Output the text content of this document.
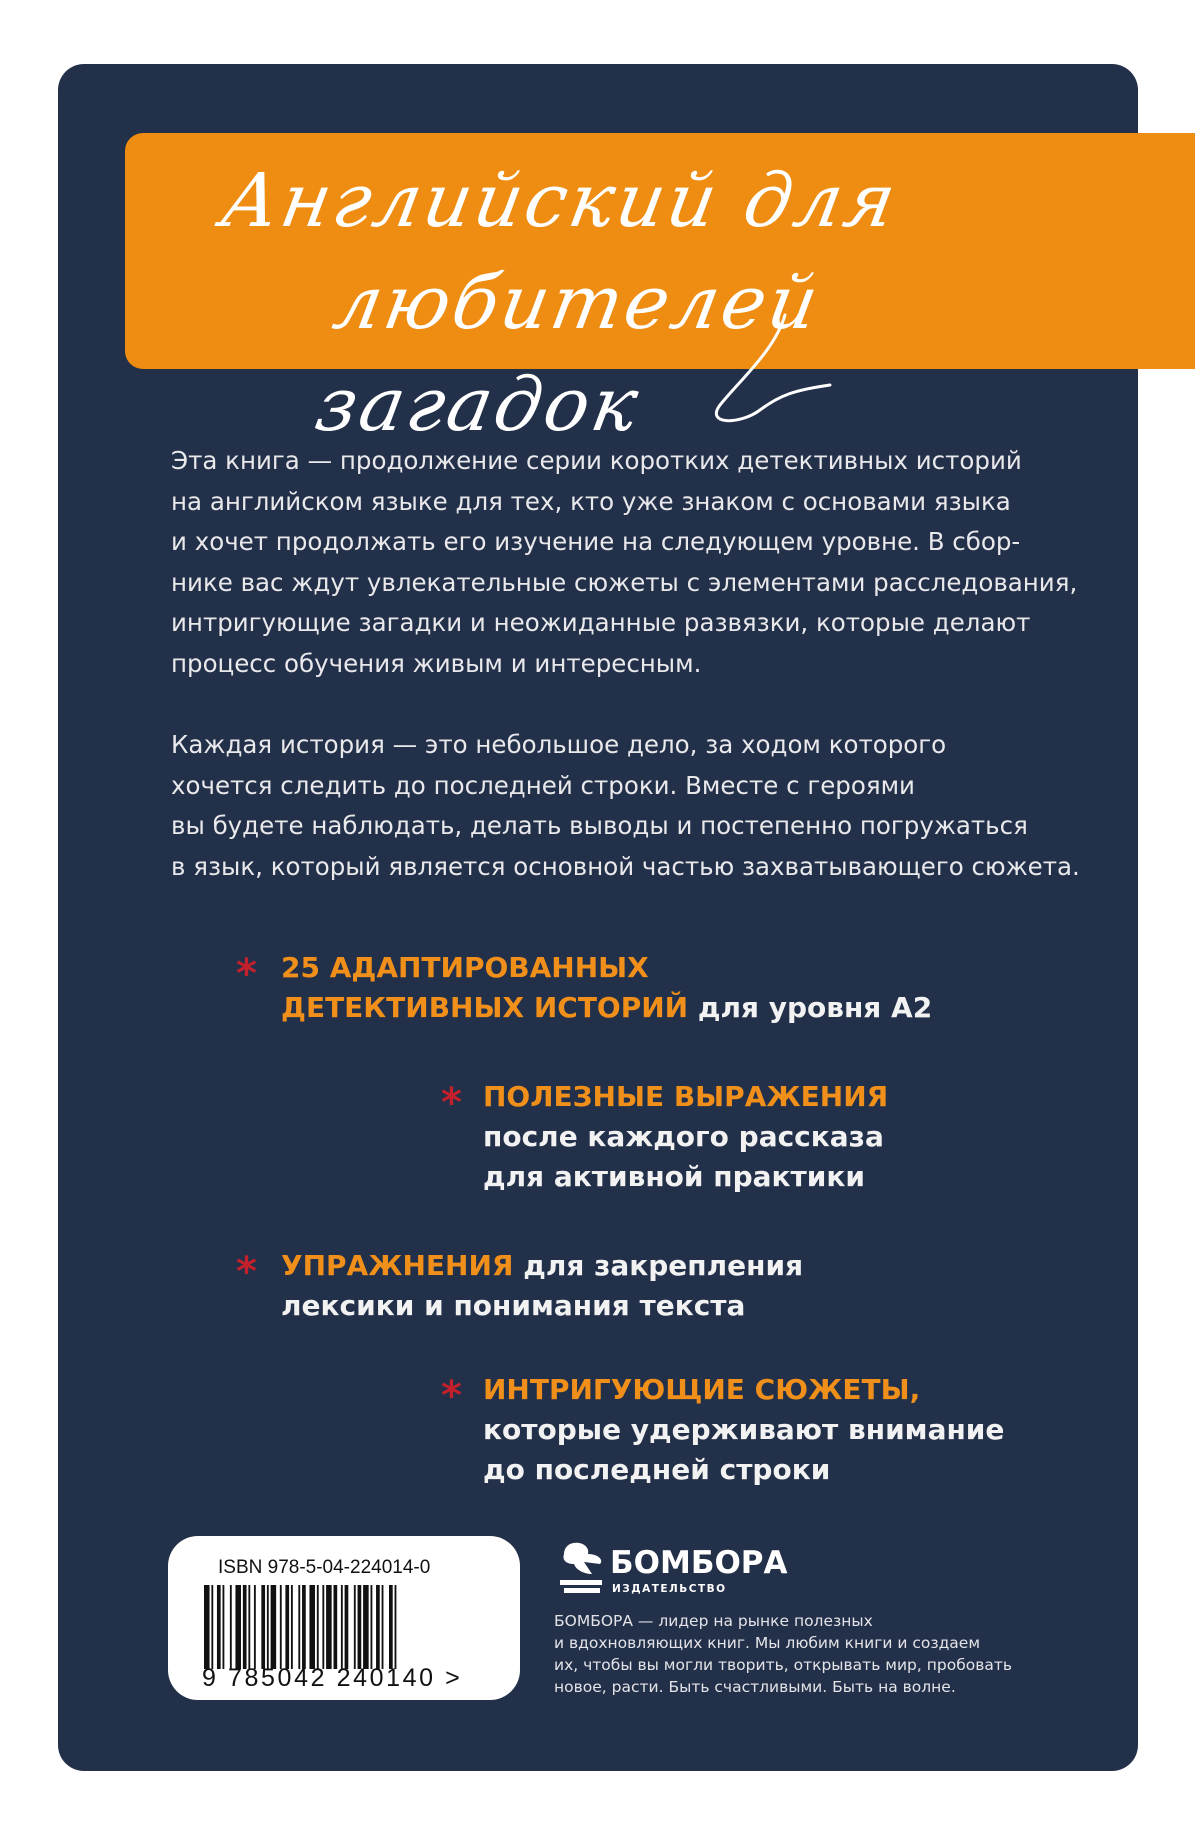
Английский для
любителей загадок
Эта книга — продолжение серии коротких детективных историй
на английском языке для тех, кто уже знаком с основами языка
и хочет продолжать его изучение на следующем уровне. В сбор-
нике вас ждут увлекательные сюжеты с элементами расследования,
интригующие загадки и неожиданные развязки, которые делают
процесс обучения живым и интересным.
Каждая история — это небольшое дело, за ходом которого
хочется следить до последней строки. Вместе с героями
вы будете наблюдать, делать выводы и постепенно погружаться
в язык, который является основной частью захватывающего сюжета.
* 25 АДАПТИРОВАННЫХ
ДЕТЕКТИВНЫХ ИСТОРИЙ для уровня А2
* ПОЛЕЗНЫЕ ВЫРАЖЕНИЯ
после каждого рассказа
для активной практики
* УПРАЖНЕНИЯ для закрепления
лексики и понимания текста
* ИНТРИГУЮЩИЕ СЮЖЕТЫ,
которые удерживают внимание
до последней строки

ISBN 978-5-04-224014-0

9 785042 240140 >

БОМБОРА

ИЗДАТЕЛЬСТВО

БОМБОРА — лидер на рынке полезных
и вдохновляющих книг. Мы любим книги и создаем
их, чтобы вы могли творить, открывать мир, пробовать
новое, расти. Быть счастливыми. Быть на волне.
